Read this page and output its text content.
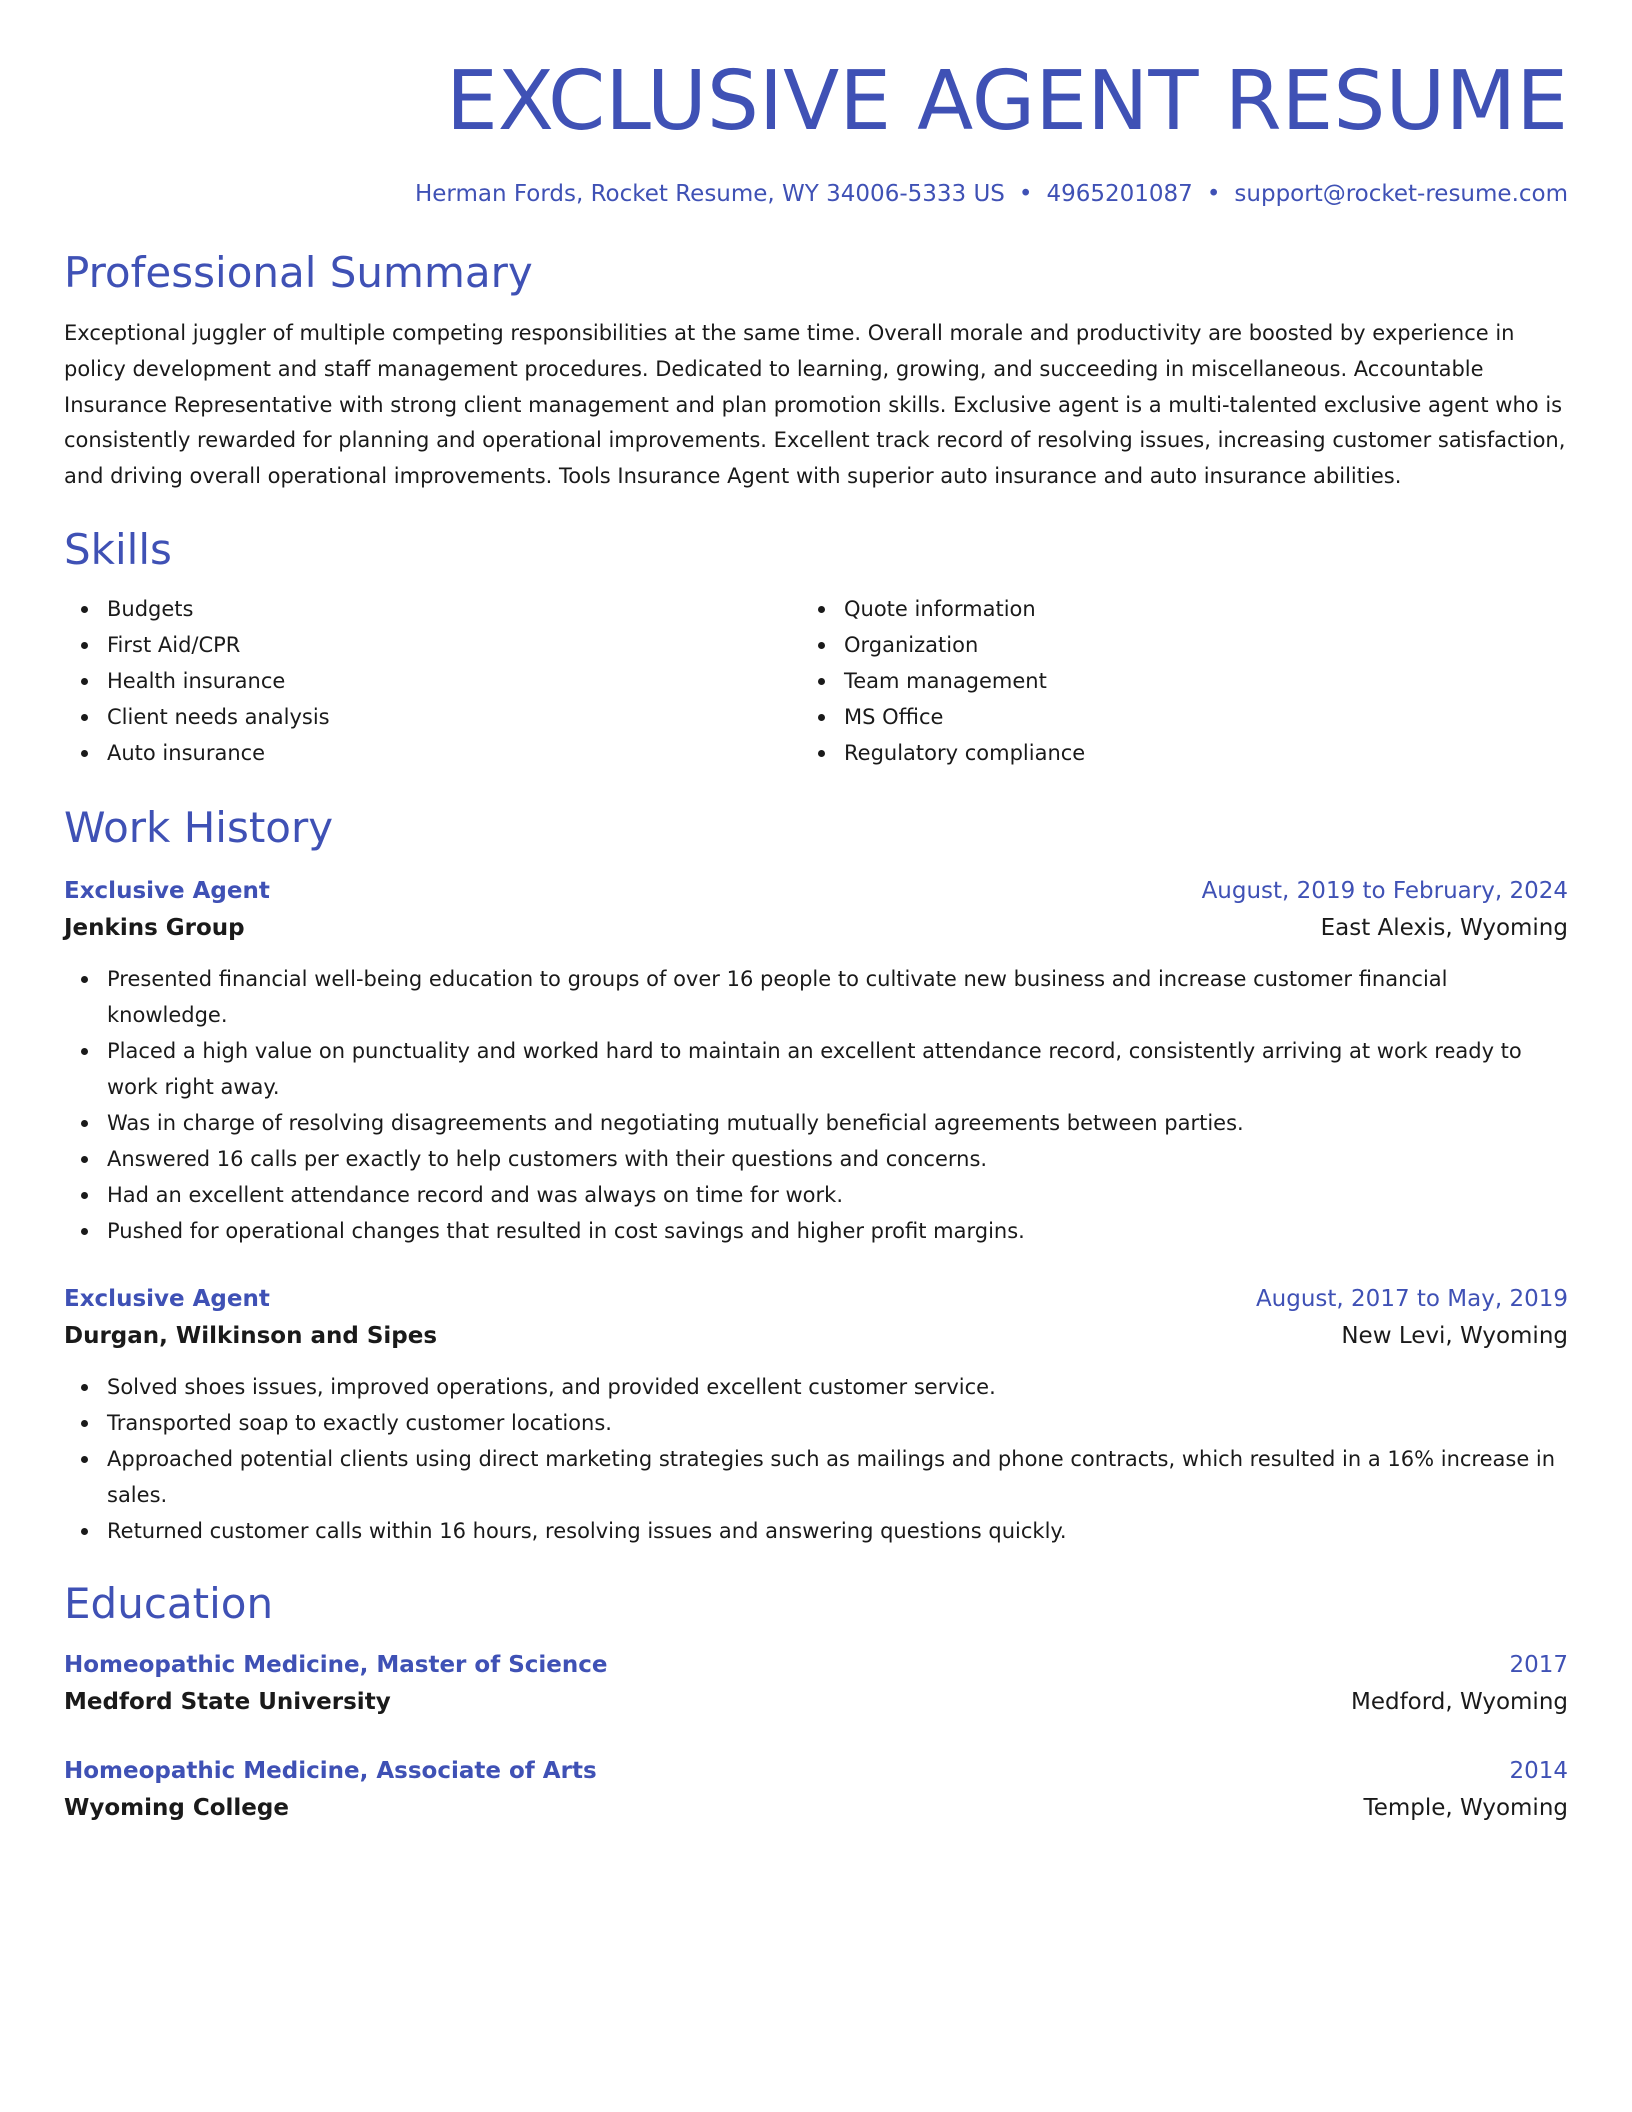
EXCLUSIVE AGENT RESUME
Herman Fords, Rocket Resume, WY 34006-5333 US • 4965201087 • support@rocket-resume.com
Professional Summary
Exceptional juggler of multiple competing responsibilities at the same time. Overall morale and productivity are boosted by experience in policy development and staff management procedures. Dedicated to learning, growing, and succeeding in miscellaneous. Accountable Insurance Representative with strong client management and plan promotion skills. Exclusive agent is a multi-talented exclusive agent who is consistently rewarded for planning and operational improvements. Excellent track record of resolving issues, increasing customer satisfaction, and driving overall operational improvements. Tools Insurance Agent with superior auto insurance and auto insurance abilities.
Skills
Budgets
First Aid/CPR
Health insurance
Client needs analysis
Auto insurance
Quote information
Organization
Team management
MS Office
Regulatory compliance
Work History
Exclusive Agent	August, 2019 to February, 2024
Jenkins Group	East Alexis, Wyoming
Presented financial well-being education to groups of over 16 people to cultivate new business and increase customer financial knowledge.
Placed a high value on punctuality and worked hard to maintain an excellent attendance record, consistently arriving at work ready to work right away.
Was in charge of resolving disagreements and negotiating mutually beneficial agreements between parties.
Answered 16 calls per exactly to help customers with their questions and concerns.
Had an excellent attendance record and was always on time for work.
Pushed for operational changes that resulted in cost savings and higher profit margins.
Exclusive Agent	August, 2017 to May, 2019
Durgan, Wilkinson and Sipes	New Levi, Wyoming
Solved shoes issues, improved operations, and provided excellent customer service.
Transported soap to exactly customer locations.
Approached potential clients using direct marketing strategies such as mailings and phone contracts, which resulted in a 16% increase in sales.
Returned customer calls within 16 hours, resolving issues and answering questions quickly.
Education
Homeopathic Medicine, Master of Science	2017
Medford State University	Medford, Wyoming
Homeopathic Medicine, Associate of Arts	2014
Wyoming College	Temple, Wyoming
